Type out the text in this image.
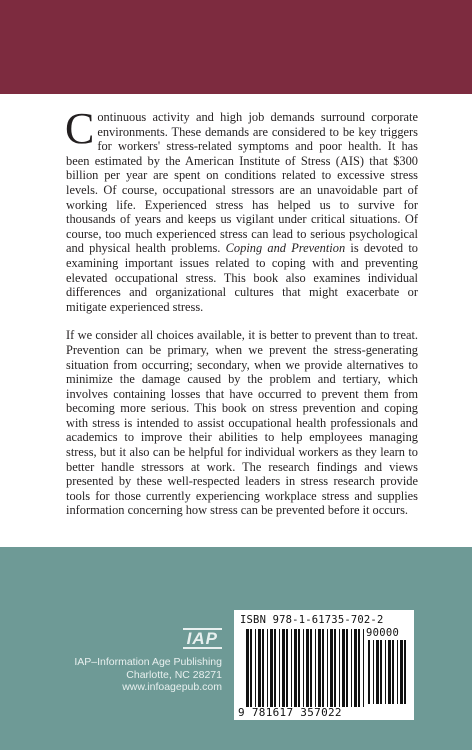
Continuous activity and high job demands surround corporate environments. These demands are considered to be key triggers for workers' stress-related symptoms and poor health. It has been estimated by the American Institute of Stress (AIS) that $300 billion per year are spent on conditions related to excessive stress levels. Of course, occupational stressors are an unavoidable part of working life. Experienced stress has helped us to survive for thousands of years and keeps us vigilant under critical situations. Of course, too much experienced stress can lead to serious psychological and physical health problems. Coping and Prevention is devoted to examining important issues related to coping with and preventing elevated occupational stress. This book also examines individual differences and organizational cultures that might exacerbate or mitigate experienced stress.

If we consider all choices available, it is better to prevent than to treat. Prevention can be primary, when we prevent the stress-generating situation from occurring; secondary, when we provide alternatives to minimize the damage caused by the problem and tertiary, which involves containing losses that have occurred to prevent them from becoming more serious. This book on stress prevention and coping with stress is intended to assist occupational health professionals and academics to improve their abilities to help employees managing stress, but it also can be helpful for individual workers as they learn to better handle stressors at work. The research findings and views presented by these well-respected leaders in stress research provide tools for those currently experiencing workplace stress and supplies information concerning how stress can be prevented before it occurs.

IAP
IAP–Information Age Publishing
Charlotte, NC 28271
www.infoagepub.com
ISBN 978-1-61735-702-2
90000
9 781617 357022
